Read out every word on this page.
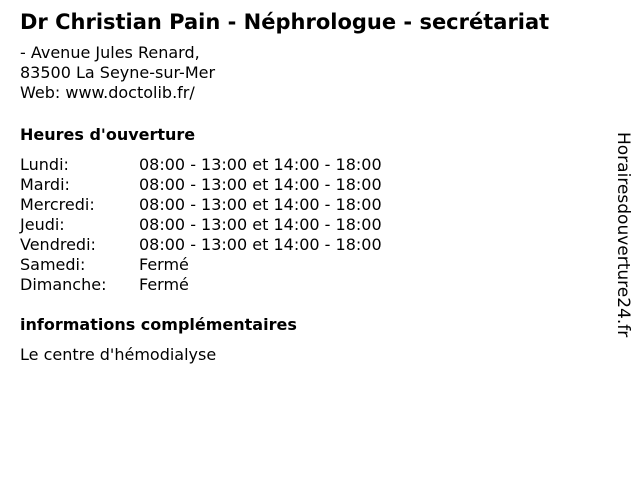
Dr Christian Pain - Néphrologue - secrétariat
- Avenue Jules Renard,
83500 La Seyne-sur-Mer
Web: www.doctolib.fr/
Heures d'ouverture
Lundi:	08:00 - 13:00 et 14:00 - 18:00
Mardi:	08:00 - 13:00 et 14:00 - 18:00
Mercredi:	08:00 - 13:00 et 14:00 - 18:00
Jeudi:	08:00 - 13:00 et 14:00 - 18:00
Vendredi:	08:00 - 13:00 et 14:00 - 18:00
Samedi:	Fermé
Dimanche:	Fermé
informations complémentaires
Le centre d'hémodialyse
Horairesdouverture24.fr
